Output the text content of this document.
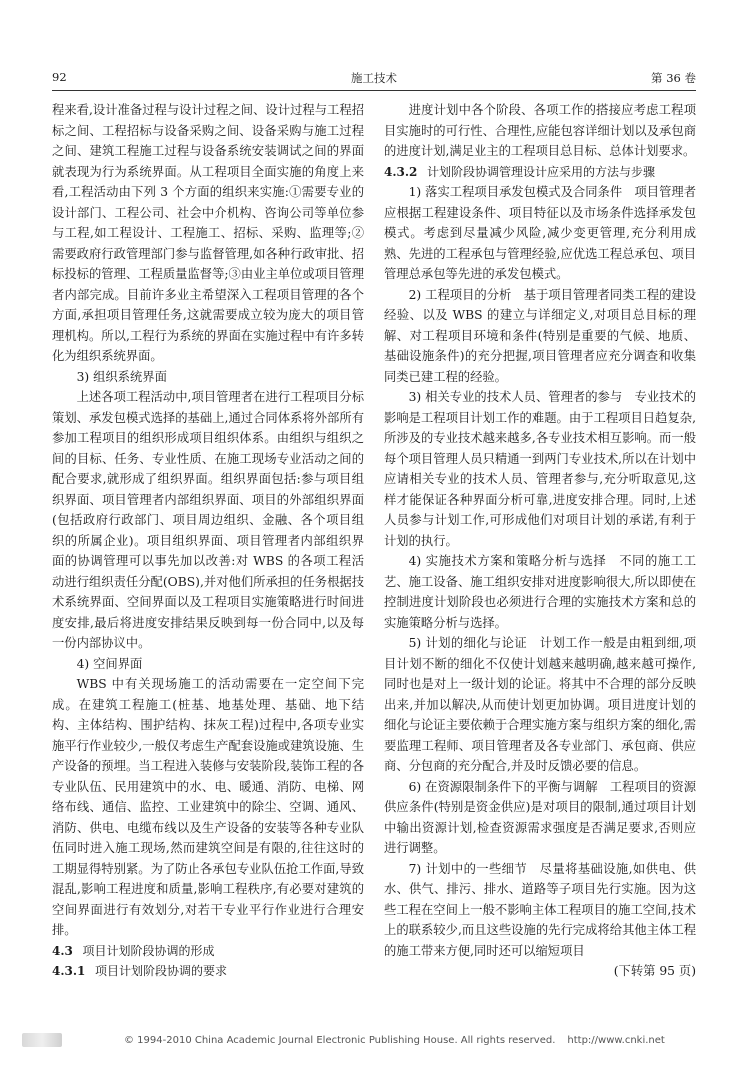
92	施工技术	第 36 卷

程来看,设计准备过程与设计过程之间、设计过程与工程招标之间、工程招标与设备采购之间、设备采购与施工过程之间、建筑工程施工过程与设备系统安装调试之间的界面就表现为行为系统界面。从工程项目全面实施的角度上来看,工程活动由下列 3 个方面的组织来实施:①需要专业的设计部门、工程公司、社会中介机构、咨询公司等单位参与工程,如工程设计、工程施工、招标、采购、监理等;②需要政府行政管理部门参与监督管理,如各种行政审批、招标投标的管理、工程质量监督等;③由业主单位或项目管理者内部完成。目前许多业主希望深入工程项目管理的各个方面,承担项目管理任务,这就需要成立较为庞大的项目管理机构。所以,工程行为系统的界面在实施过程中有许多转化为组织系统界面。

3) 组织系统界面

上述各项工程活动中,项目管理者在进行工程项目分标策划、承发包模式选择的基础上,通过合同体系将外部所有参加工程项目的组织形成项目组织体系。由组织与组织之间的目标、任务、专业性质、在施工现场专业活动之间的配合要求,就形成了组织界面。组织界面包括:参与项目组织界面、项目管理者内部组织界面、项目的外部组织界面(包括政府行政部门、项目周边组织、金融、各个项目组织的所属企业)。项目组织界面、项目管理者内部组织界面的协调管理可以事先加以改善:对 WBS 的各项工程活动进行组织责任分配(OBS),并对他们所承担的任务根据技术系统界面、空间界面以及工程项目实施策略进行时间进度安排,最后将进度安排结果反映到每一份合同中,以及每一份内部协议中。

4) 空间界面

WBS 中有关现场施工的活动需要在一定空间下完成。在建筑工程施工(桩基、地基处理、基础、地下结构、主体结构、围护结构、抹灰工程)过程中,各项专业实施平行作业较少,一般仅考虑生产配套设施或建筑设施、生产设备的预埋。当工程进入装修与安装阶段,装饰工程的各专业队伍、民用建筑中的水、电、暖通、消防、电梯、网络布线、通信、监控、工业建筑中的除尘、空调、通风、消防、供电、电缆布线以及生产设备的安装等各种专业队伍同时进入施工现场,然而建筑空间是有限的,往往这时的工期显得特别紧。为了防止各承包专业队伍抢工作面,导致混乱,影响工程进度和质量,影响工程秩序,有必要对建筑的空间界面进行有效划分,对若干专业平行作业进行合理安排。

4.3 项目计划阶段协调的形成

4.3.1 项目计划阶段协调的要求

进度计划中各个阶段、各项工作的搭接应考虑工程项目实施时的可行性、合理性,应能包容详细计划以及承包商的进度计划,满足业主的工程项目总目标、总体计划要求。

4.3.2 计划阶段协调管理设计应采用的方法与步骤

1) 落实工程项目承发包模式及合同条件　项目管理者应根据工程建设条件、项目特征以及市场条件选择承发包模式。考虑到尽量减少风险,减少变更管理,充分利用成熟、先进的工程承包与管理经验,应优选工程总承包、项目管理总承包等先进的承发包模式。

2) 工程项目的分析　基于项目管理者同类工程的建设经验、以及 WBS 的建立与详细定义,对项目总目标的理解、对工程项目环境和条件(特别是重要的气候、地质、基础设施条件)的充分把握,项目管理者应充分调查和收集同类已建工程的经验。

3) 相关专业的技术人员、管理者的参与　专业技术的影响是工程项目计划工作的难题。由于工程项目日趋复杂,所涉及的专业技术越来越多,各专业技术相互影响。而一般每个项目管理人员只精通一到两门专业技术,所以在计划中应请相关专业的技术人员、管理者参与,充分听取意见,这样才能保证各种界面分析可靠,进度安排合理。同时,上述人员参与计划工作,可形成他们对项目计划的承诺,有利于计划的执行。

4) 实施技术方案和策略分析与选择　不同的施工工艺、施工设备、施工组织安排对进度影响很大,所以即使在控制进度计划阶段也必须进行合理的实施技术方案和总的实施策略分析与选择。

5) 计划的细化与论证　计划工作一般是由粗到细,项目计划不断的细化不仅使计划越来越明确,越来越可操作,同时也是对上一级计划的论证。将其中不合理的部分反映出来,并加以解决,从而使计划更加协调。项目进度计划的细化与论证主要依赖于合理实施方案与组织方案的细化,需要监理工程师、项目管理者及各专业部门、承包商、供应商、分包商的充分配合,并及时反馈必要的信息。

6) 在资源限制条件下的平衡与调解　工程项目的资源供应条件(特别是资金供应)是对项目的限制,通过项目计划中输出资源计划,检查资源需求强度是否满足要求,否则应进行调整。

7) 计划中的一些细节　尽量将基础设施,如供电、供水、供气、排污、排水、道路等子项目先行实施。因为这些工程在空间上一般不影响主体工程项目的施工空间,技术上的联系较少,而且这些设施的先行完成将给其他主体工程的施工带来方便,同时还可以缩短项目

(下转第 95 页)

© 1994-2010 China Academic Journal Electronic Publishing House. All rights reserved. http://www.cnki.net
